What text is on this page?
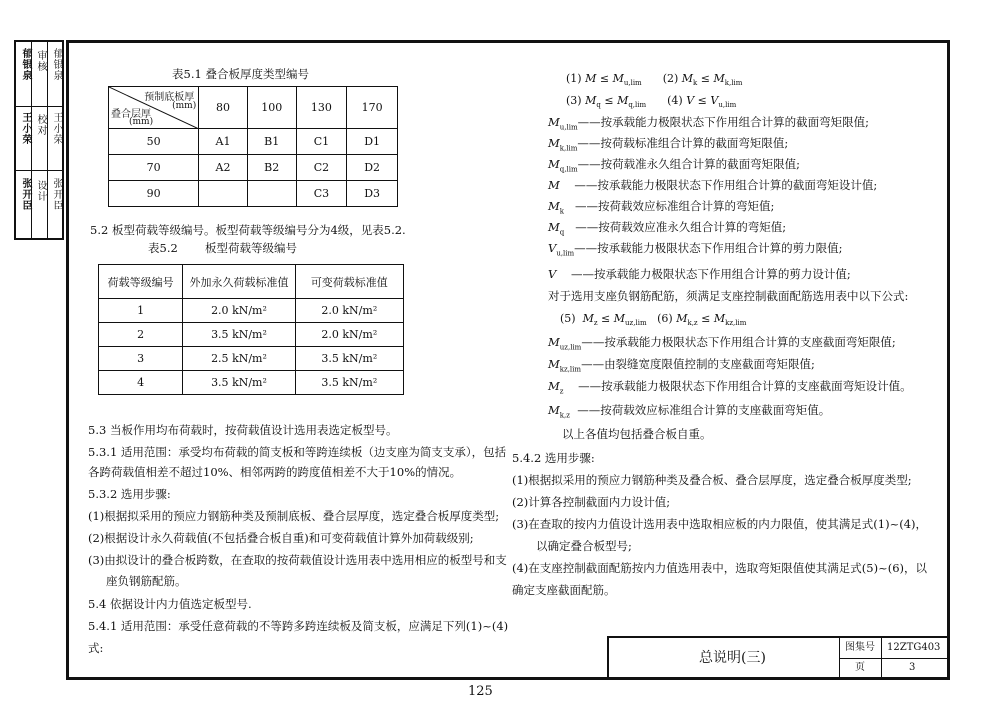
郁银泉 审核 郁银泉
王小荣 校对 王小荣
张开臣 设计 张开臣
表5.1 叠合板厚度类型编号
预制底板厚
(mm)
叠合层厚
(mm)	80	100	130	170
50	A1	B1	C1	D1
70	A2	B2	C2	D2
90			C3	D3
5.2 板型荷载等级编号。板型荷载等级编号分为4级，见表5.2.
表5.2 板型荷载等级编号
荷载等级编号	外加永久荷载标准值	可变荷载标准值
1	2.0 kN/m²	2.0 kN/m²
2	3.5 kN/m²	2.0 kN/m²
3	2.5 kN/m²	3.5 kN/m²
4	3.5 kN/m²	3.5 kN/m²
5.3 当板作用均布荷载时，按荷载值设计选用表选定板型号。
5.3.1 适用范围：承受均布荷载的简支板和等跨连续板（边支座为简支支承），包括
各跨荷载值相差不超过10%、相邻两跨的跨度值相差不大于10%的情况。
5.3.2 选用步骤:
(1)根据拟采用的预应力钢筋种类及预制底板、叠合层厚度，选定叠合板厚度类型;
(2)根据设计永久荷载值(不包括叠合板自重)和可变荷载值计算外加荷载级别;
(3)由拟设计的叠合板跨数，在查取的按荷载值设计选用表中选用相应的板型号和支
座负钢筋配筋。
5.4 依据设计内力值选定板型号.
5.4.1 适用范围：承受任意荷载的不等跨多跨连续板及简支板，应满足下列(1)~(4)
式:
(1) $M \le M_{u,lim}$ (2) $M_k \le M_{k,lim}$
(3) $M_q \le M_{q,lim}$ (4) $V \le V_{u,lim}$
$M_{u,lim}——$按承载能力极限状态下作用组合计算的截面弯矩限值;
$M_{k,lim}——$按荷载标准组合计算的截面弯矩限值;
$M_{q,lim}——$按荷载准永久组合计算的截面弯矩限值;
M ——按承载能力极限状态下作用组合计算的截面弯矩设计值;
$M_k$ ——按荷载效应标准组合计算的弯矩值;
$M_q$ ——按荷载效应准永久组合计算的弯矩值;
$V_{u,lim}——$按承载能力极限状态下作用组合计算的剪力限值;
V ——按承载能力极限状态下作用组合计算的剪力设计值;
对于选用支座负钢筋配筋，须满足支座控制截面配筋选用表中以下公式:
(5) $M_z \le M_{uz,lim}$ (6) $M_{k,z} \le M_{kz,lim}$
$M_{uz,lim}——$按承载能力极限状态下作用组合计算的支座截面弯矩限值;
$M_{kz,lim}——$由裂缝宽度限值控制的支座截面弯矩限值;
$M_z$ ——按承载能力极限状态下作用组合计算的支座截面弯矩设计值。
$M_{k,z}$ ——按荷载效应标准组合计算的支座截面弯矩值。
以上各值均包括叠合板自重。
5.4.2 选用步骤:
(1)根据拟采用的预应力钢筋种类及叠合板、叠合层厚度，选定叠合板厚度类型;
(2)计算各控制截面内力设计值;
(3)在查取的按内力值设计选用表中选取相应板的内力限值，使其满足式(1)~(4)，
以确定叠合板型号;
(4)在支座控制截面配筋按内力值选用表中，选取弯矩限值使其满足式(5)~(6)，以
确定支座截面配筋。
总说明(三)
图集号 12ZTG403
页	3
125
